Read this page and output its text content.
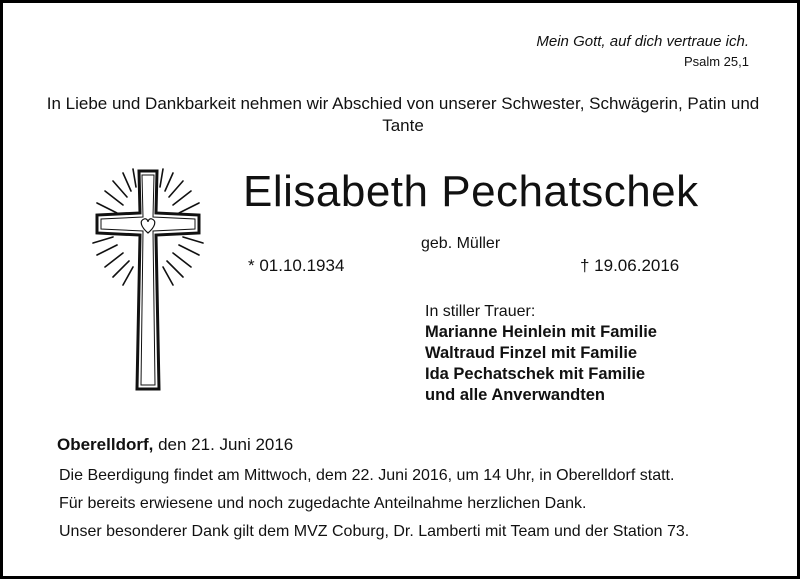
Mein Gott, auf dich vertraue ich.
Psalm 25,1
In Liebe und Dankbarkeit nehmen wir Abschied von unserer Schwester, Schwägerin, Patin und Tante
Elisabeth Pechatschek
geb. Müller
* 01.10.1934	† 19.06.2016
In stiller Trauer:
Marianne Heinlein mit Familie
Waltraud Finzel mit Familie
Ida Pechatschek mit Familie
und alle Anverwandten
Oberelldorf, den 21. Juni 2016
Die Beerdigung findet am Mittwoch, dem 22. Juni 2016, um 14 Uhr, in Oberelldorf statt.
Für bereits erwiesene und noch zugedachte Anteilnahme herzlichen Dank.
Unser besonderer Dank gilt dem MVZ Coburg, Dr. Lamberti mit Team und der Station 73.
